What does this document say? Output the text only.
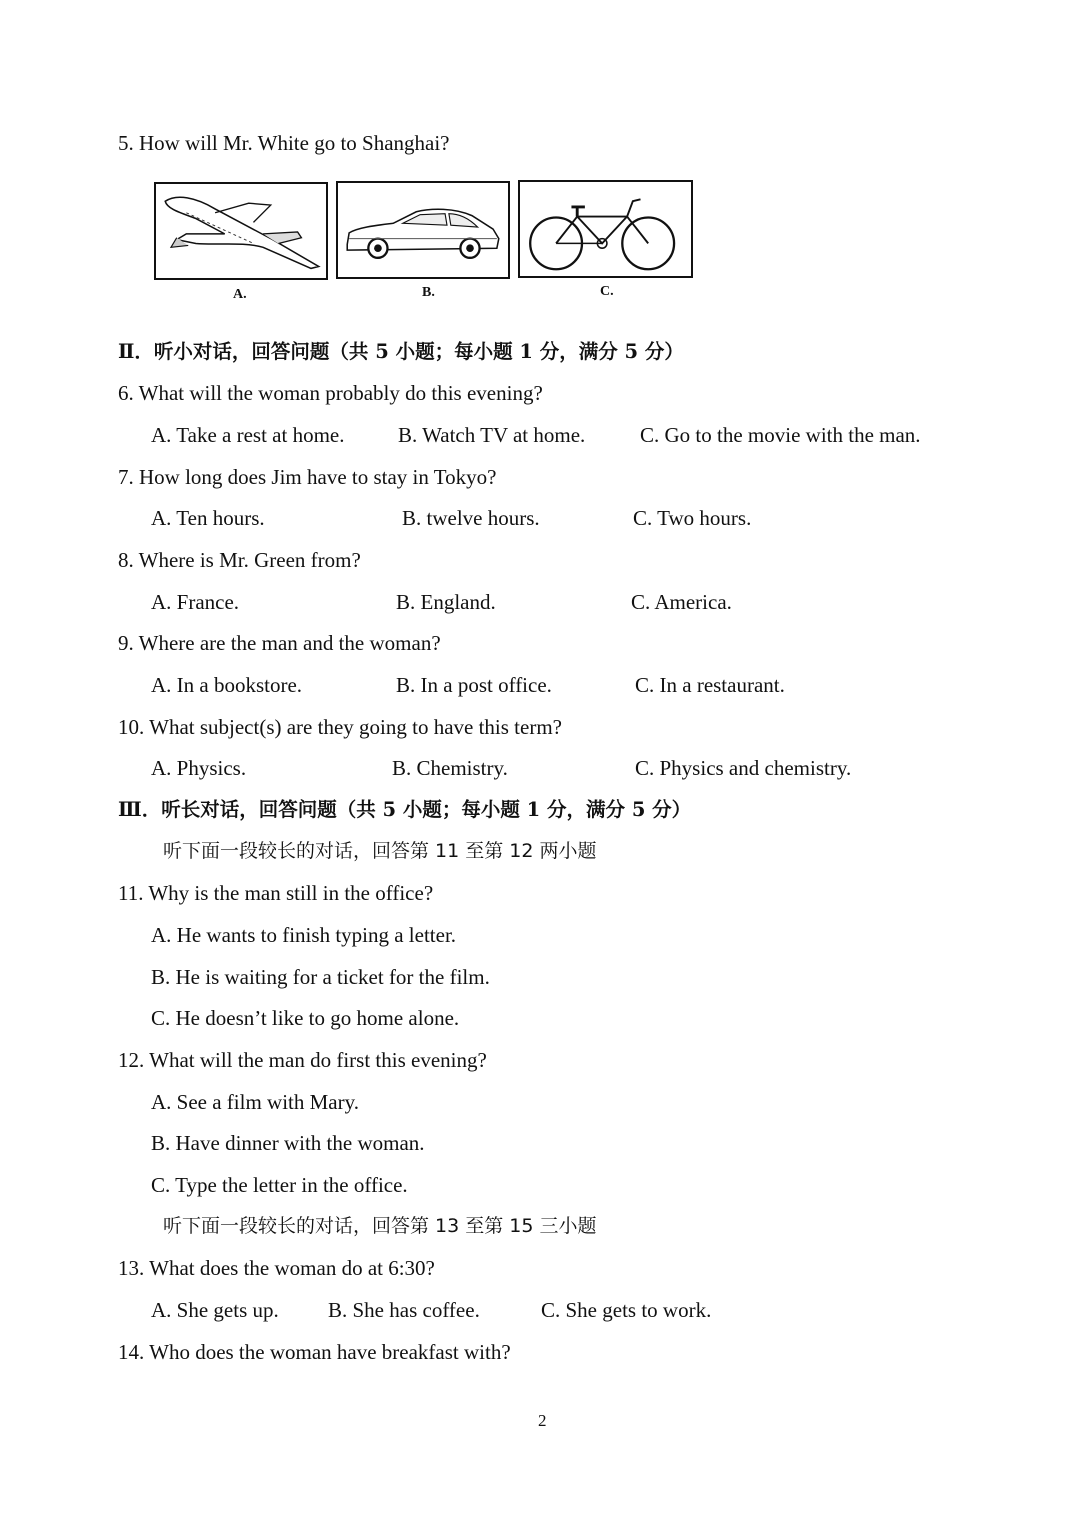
5. How will Mr. White go to Shanghai?
A.	B.	C.
Ⅱ．听小对话，回答问题（共 5 小题；每小题 1 分，满分 5 分）
6. What will the woman probably do this evening?
A. Take a rest at home.	B. Watch TV at home.	C. Go to the movie with the man.
7. How long does Jim have to stay in Tokyo?
A. Ten hours.	B. twelve hours.	C. Two hours.
8. Where is Mr. Green from?
A. France.	B. England.	C. America.
9. Where are the man and the woman?
A. In a bookstore.	B. In a post office.	C. In a restaurant.
10. What subject(s) are they going to have this term?
A. Physics.	B. Chemistry.	C. Physics and chemistry.
Ⅲ．听长对话，回答问题（共 5 小题；每小题 1 分，满分 5 分）
听下面一段较长的对话，回答第 11 至第 12 两小题
11. Why is the man still in the office?
A. He wants to finish typing a letter.
B. He is waiting for a ticket for the film.
C. He doesn’t like to go home alone.
12. What will the man do first this evening?
A. See a film with Mary.
B. Have dinner with the woman.
C. Type the letter in the office.
听下面一段较长的对话，回答第 13 至第 15 三小题
13. What does the woman do at 6:30?
A. She gets up. B. She has coffee.	C. She gets to work.
14. Who does the woman have breakfast with?
2
